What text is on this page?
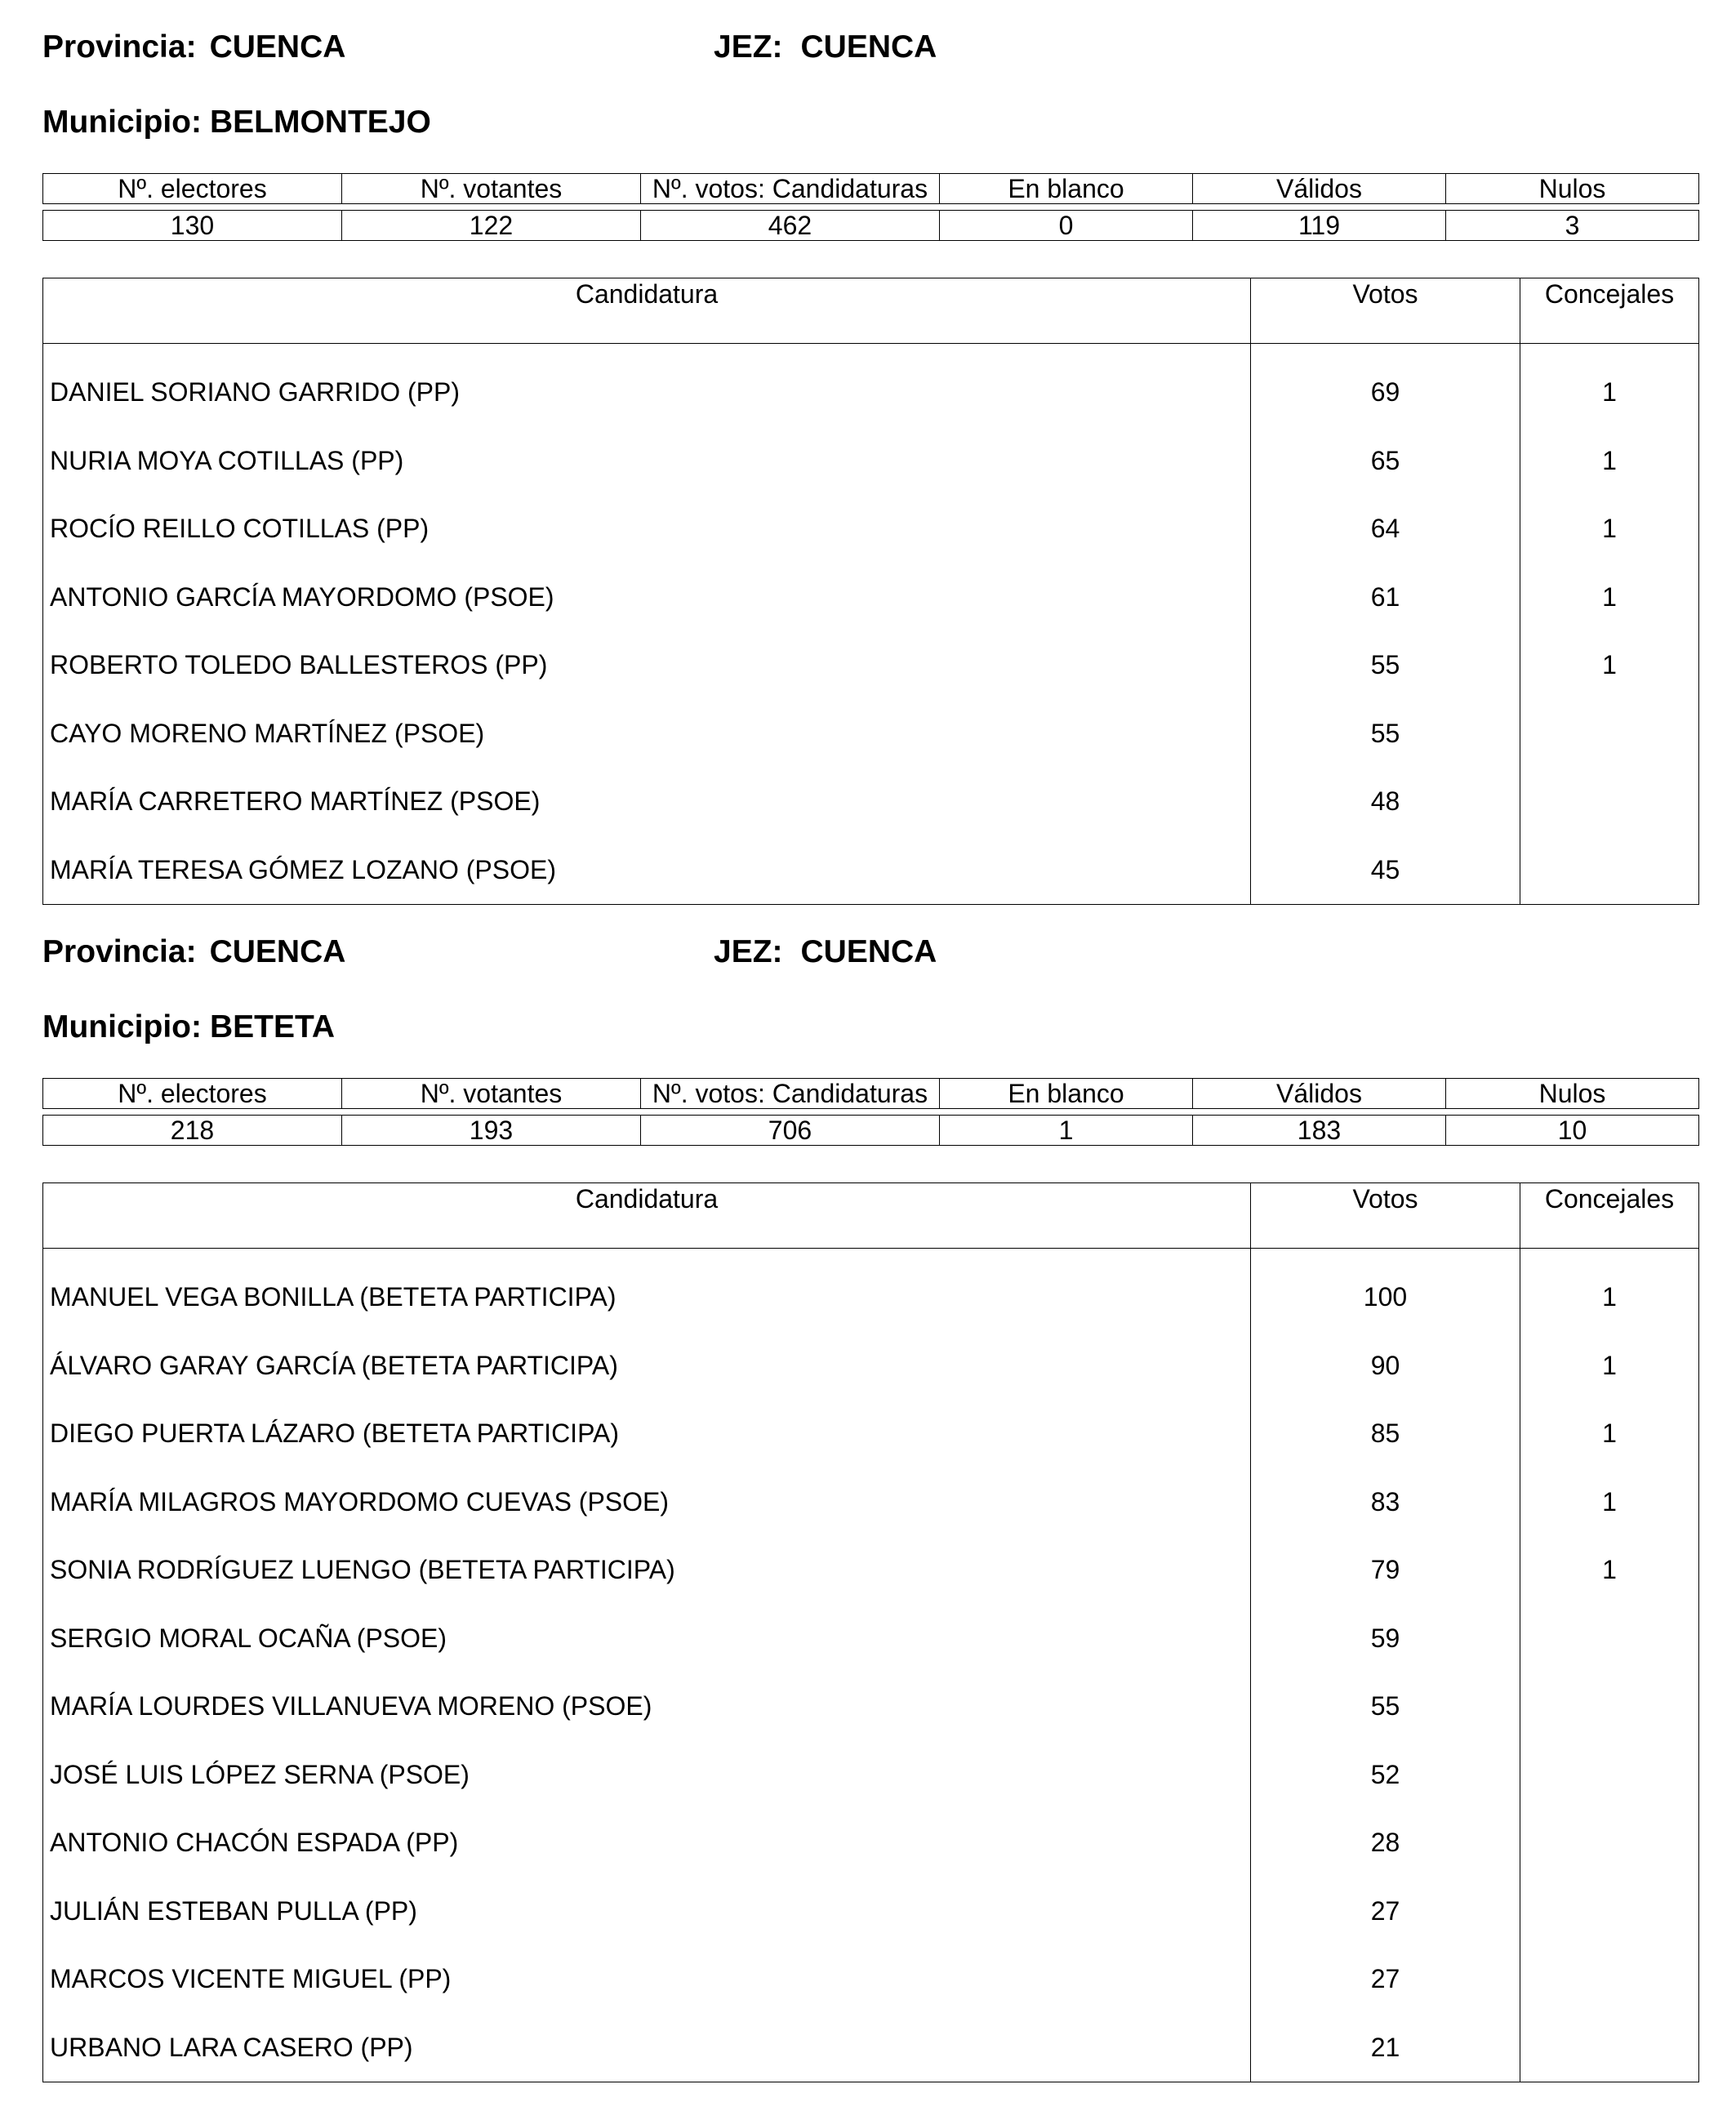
Provincia: CUENCA	JEZ: CUENCA
Municipio: BELMONTEJO
Nº. electores	Nº. votantes	Nº. votos: Candidaturas	En blanco	Válidos	Nulos

130	122	462	0	119	3
Candidatura	Votos	Concejales

DANIEL SORIANO GARRIDO (PP)	69	1
NURIA MOYA COTILLAS (PP)	65	1
ROCÍO REILLO COTILLAS (PP)	64	1
ANTONIO GARCÍA MAYORDOMO (PSOE)	61	1
ROBERTO TOLEDO BALLESTEROS (PP)	55	1
CAYO MORENO MARTÍNEZ (PSOE)	55	
MARÍA CARRETERO MARTÍNEZ (PSOE)	48	
MARÍA TERESA GÓMEZ LOZANO (PSOE)	45	
Provincia: CUENCA	JEZ: CUENCA
Municipio: BETETA
Nº. electores	Nº. votantes	Nº. votos: Candidaturas	En blanco	Válidos	Nulos

218	193	706	1	183	10
Candidatura	Votos	Concejales

MANUEL VEGA BONILLA (BETETA PARTICIPA)	100	1
ÁLVARO GARAY GARCÍA (BETETA PARTICIPA)	90	1
DIEGO PUERTA LÁZARO (BETETA PARTICIPA)	85	1
MARÍA MILAGROS MAYORDOMO CUEVAS (PSOE)	83	1
SONIA RODRÍGUEZ LUENGO (BETETA PARTICIPA)	79	1
SERGIO MORAL OCAÑA (PSOE)	59	
MARÍA LOURDES VILLANUEVA MORENO (PSOE)	55	
JOSÉ LUIS LÓPEZ SERNA (PSOE)	52	
ANTONIO CHACÓN ESPADA (PP)	28	
JULIÁN ESTEBAN PULLA (PP)	27	
MARCOS VICENTE MIGUEL (PP)	27	
URBANO LARA CASERO (PP)	21	
